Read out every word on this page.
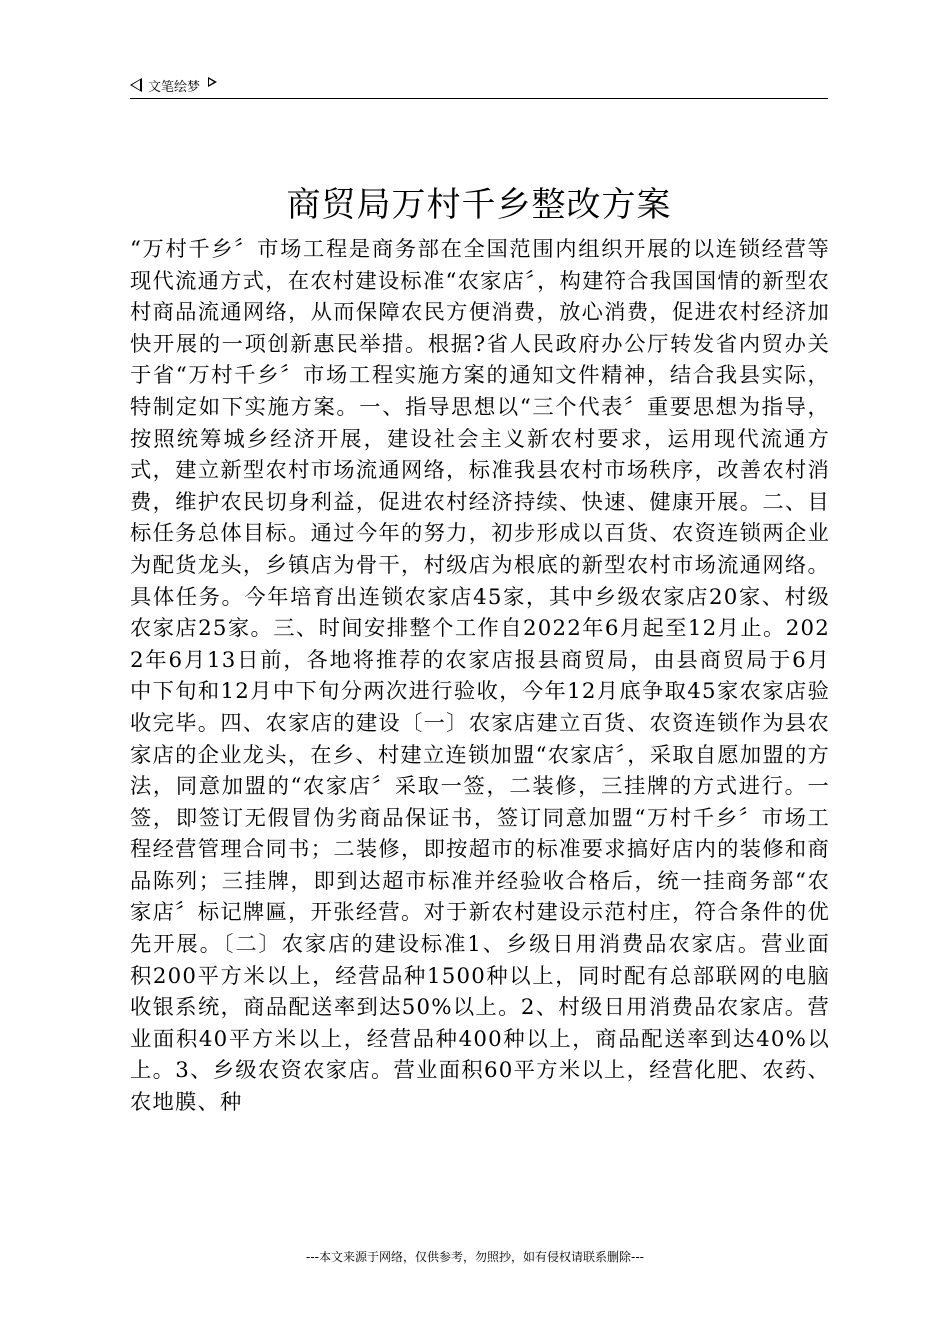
文笔绘梦
商贸局万村千乡整改方案
“万村千乡〞市场工程是商务部在全国范围内组织开展的以连锁经营等现代流通方式，在农村建设标准“农家店〞，构建符合我国国情的新型农村商品流通网络，从而保障农民方便消费，放心消费，促进农村经济加快开展的一项创新惠民举措。根据?省人民政府办公厅转发省内贸办关于省“万村千乡〞市场工程实施方案的通知文件精神，结合我县实际，特制定如下实施方案。一、指导思想以“三个代表〞重要思想为指导，按照统筹城乡经济开展，建设社会主义新农村要求，运用现代流通方式，建立新型农村市场流通网络，标准我县农村市场秩序，改善农村消费，维护农民切身利益，促进农村经济持续、快速、健康开展。二、目标任务总体目标。通过今年的努力，初步形成以百货、农资连锁两企业为配货龙头，乡镇店为骨干，村级店为根底的新型农村市场流通网络。具体任务。今年培育出连锁农家店45家，其中乡级农家店20家、村级农家店25家。三、时间安排整个工作自2022年6月起至12月止。2022年6月13日前，各地将推荐的农家店报县商贸局，由县商贸局于6月中下旬和12月中下旬分两次进行验收，今年12月底争取45家农家店验收完毕。四、农家店的建设〔一〕农家店建立百货、农资连锁作为县农家店的企业龙头，在乡、村建立连锁加盟“农家店〞，采取自愿加盟的方法，同意加盟的“农家店〞采取一签，二装修，三挂牌的方式进行。一签，即签订无假冒伪劣商品保证书，签订同意加盟“万村千乡〞市场工程经营管理合同书；二装修，即按超市的标准要求搞好店内的装修和商品陈列；三挂牌，即到达超市标准并经验收合格后，统一挂商务部“农家店〞标记牌匾，开张经营。对于新农村建设示范村庄，符合条件的优先开展。〔二〕农家店的建设标准1、乡级日用消费品农家店。营业面积200平方米以上，经营品种1500种以上，同时配有总部联网的电脑收银系统，商品配送率到达50%以上。2、村级日用消费品农家店。营业面积40平方米以上，经营品种400种以上，商品配送率到达40%以上。3、乡级农资农家店。营业面积60平方米以上，经营化肥、农药、农地膜、种
---本文来源于网络，仅供参考，勿照抄，如有侵权请联系删除---
